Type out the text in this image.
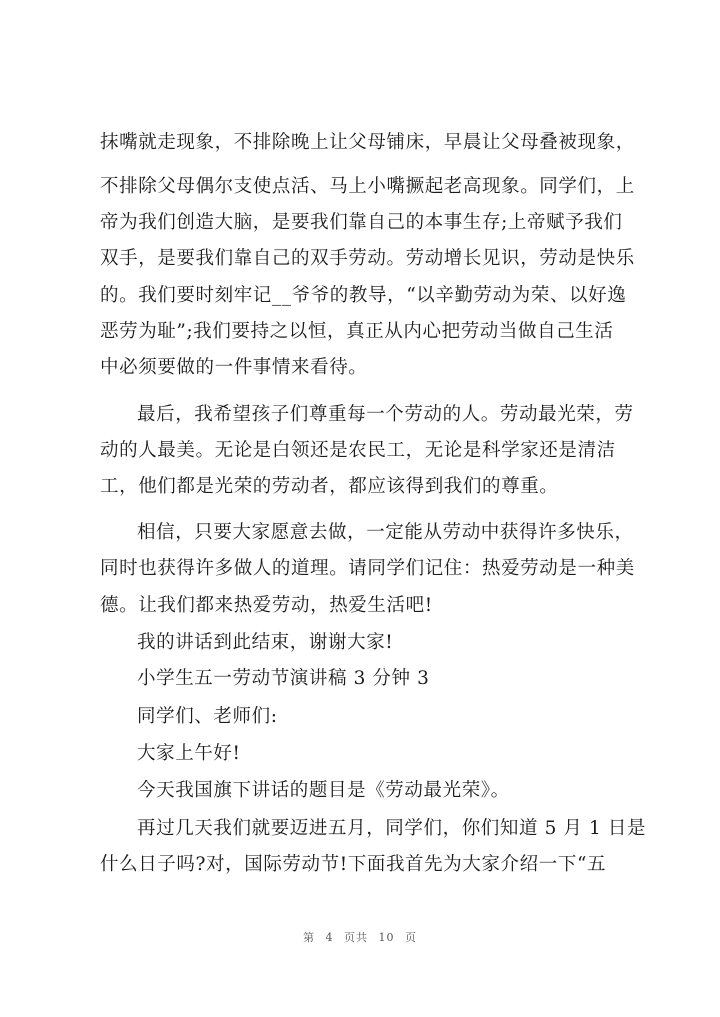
抹嘴就走现象，不排除晚上让父母铺床，早晨让父母叠被现象，
不排除父母偶尔支使点活、马上小嘴撅起老高现象。同学们，上
帝为我们创造大脑，是要我们靠自己的本事生存;上帝赋予我们
双手，是要我们靠自己的双手劳动。劳动增长见识，劳动是快乐
的。我们要时刻牢记__爷爷的教导，“以辛勤劳动为荣、以好逸
恶劳为耻”;我们要持之以恒，真正从内心把劳动当做自己生活
中必须要做的一件事情来看待。
最后，我希望孩子们尊重每一个劳动的人。劳动最光荣，劳
动的人最美。无论是白领还是农民工，无论是科学家还是清洁
工，他们都是光荣的劳动者，都应该得到我们的尊重。
相信，只要大家愿意去做，一定能从劳动中获得许多快乐，
同时也获得许多做人的道理。请同学们记住：热爱劳动是一种美
德。让我们都来热爱劳动，热爱生活吧!
我的讲话到此结束，谢谢大家!
小学生五一劳动节演讲稿 3 分钟 3
同学们、老师们:
大家上午好!
今天我国旗下讲话的题目是《劳动最光荣》。
再过几天我们就要迈进五月，同学们，你们知道 5 月 1 日是
什么日子吗?对，国际劳动节!下面我首先为大家介绍一下“五
第 4 页共 10 页
